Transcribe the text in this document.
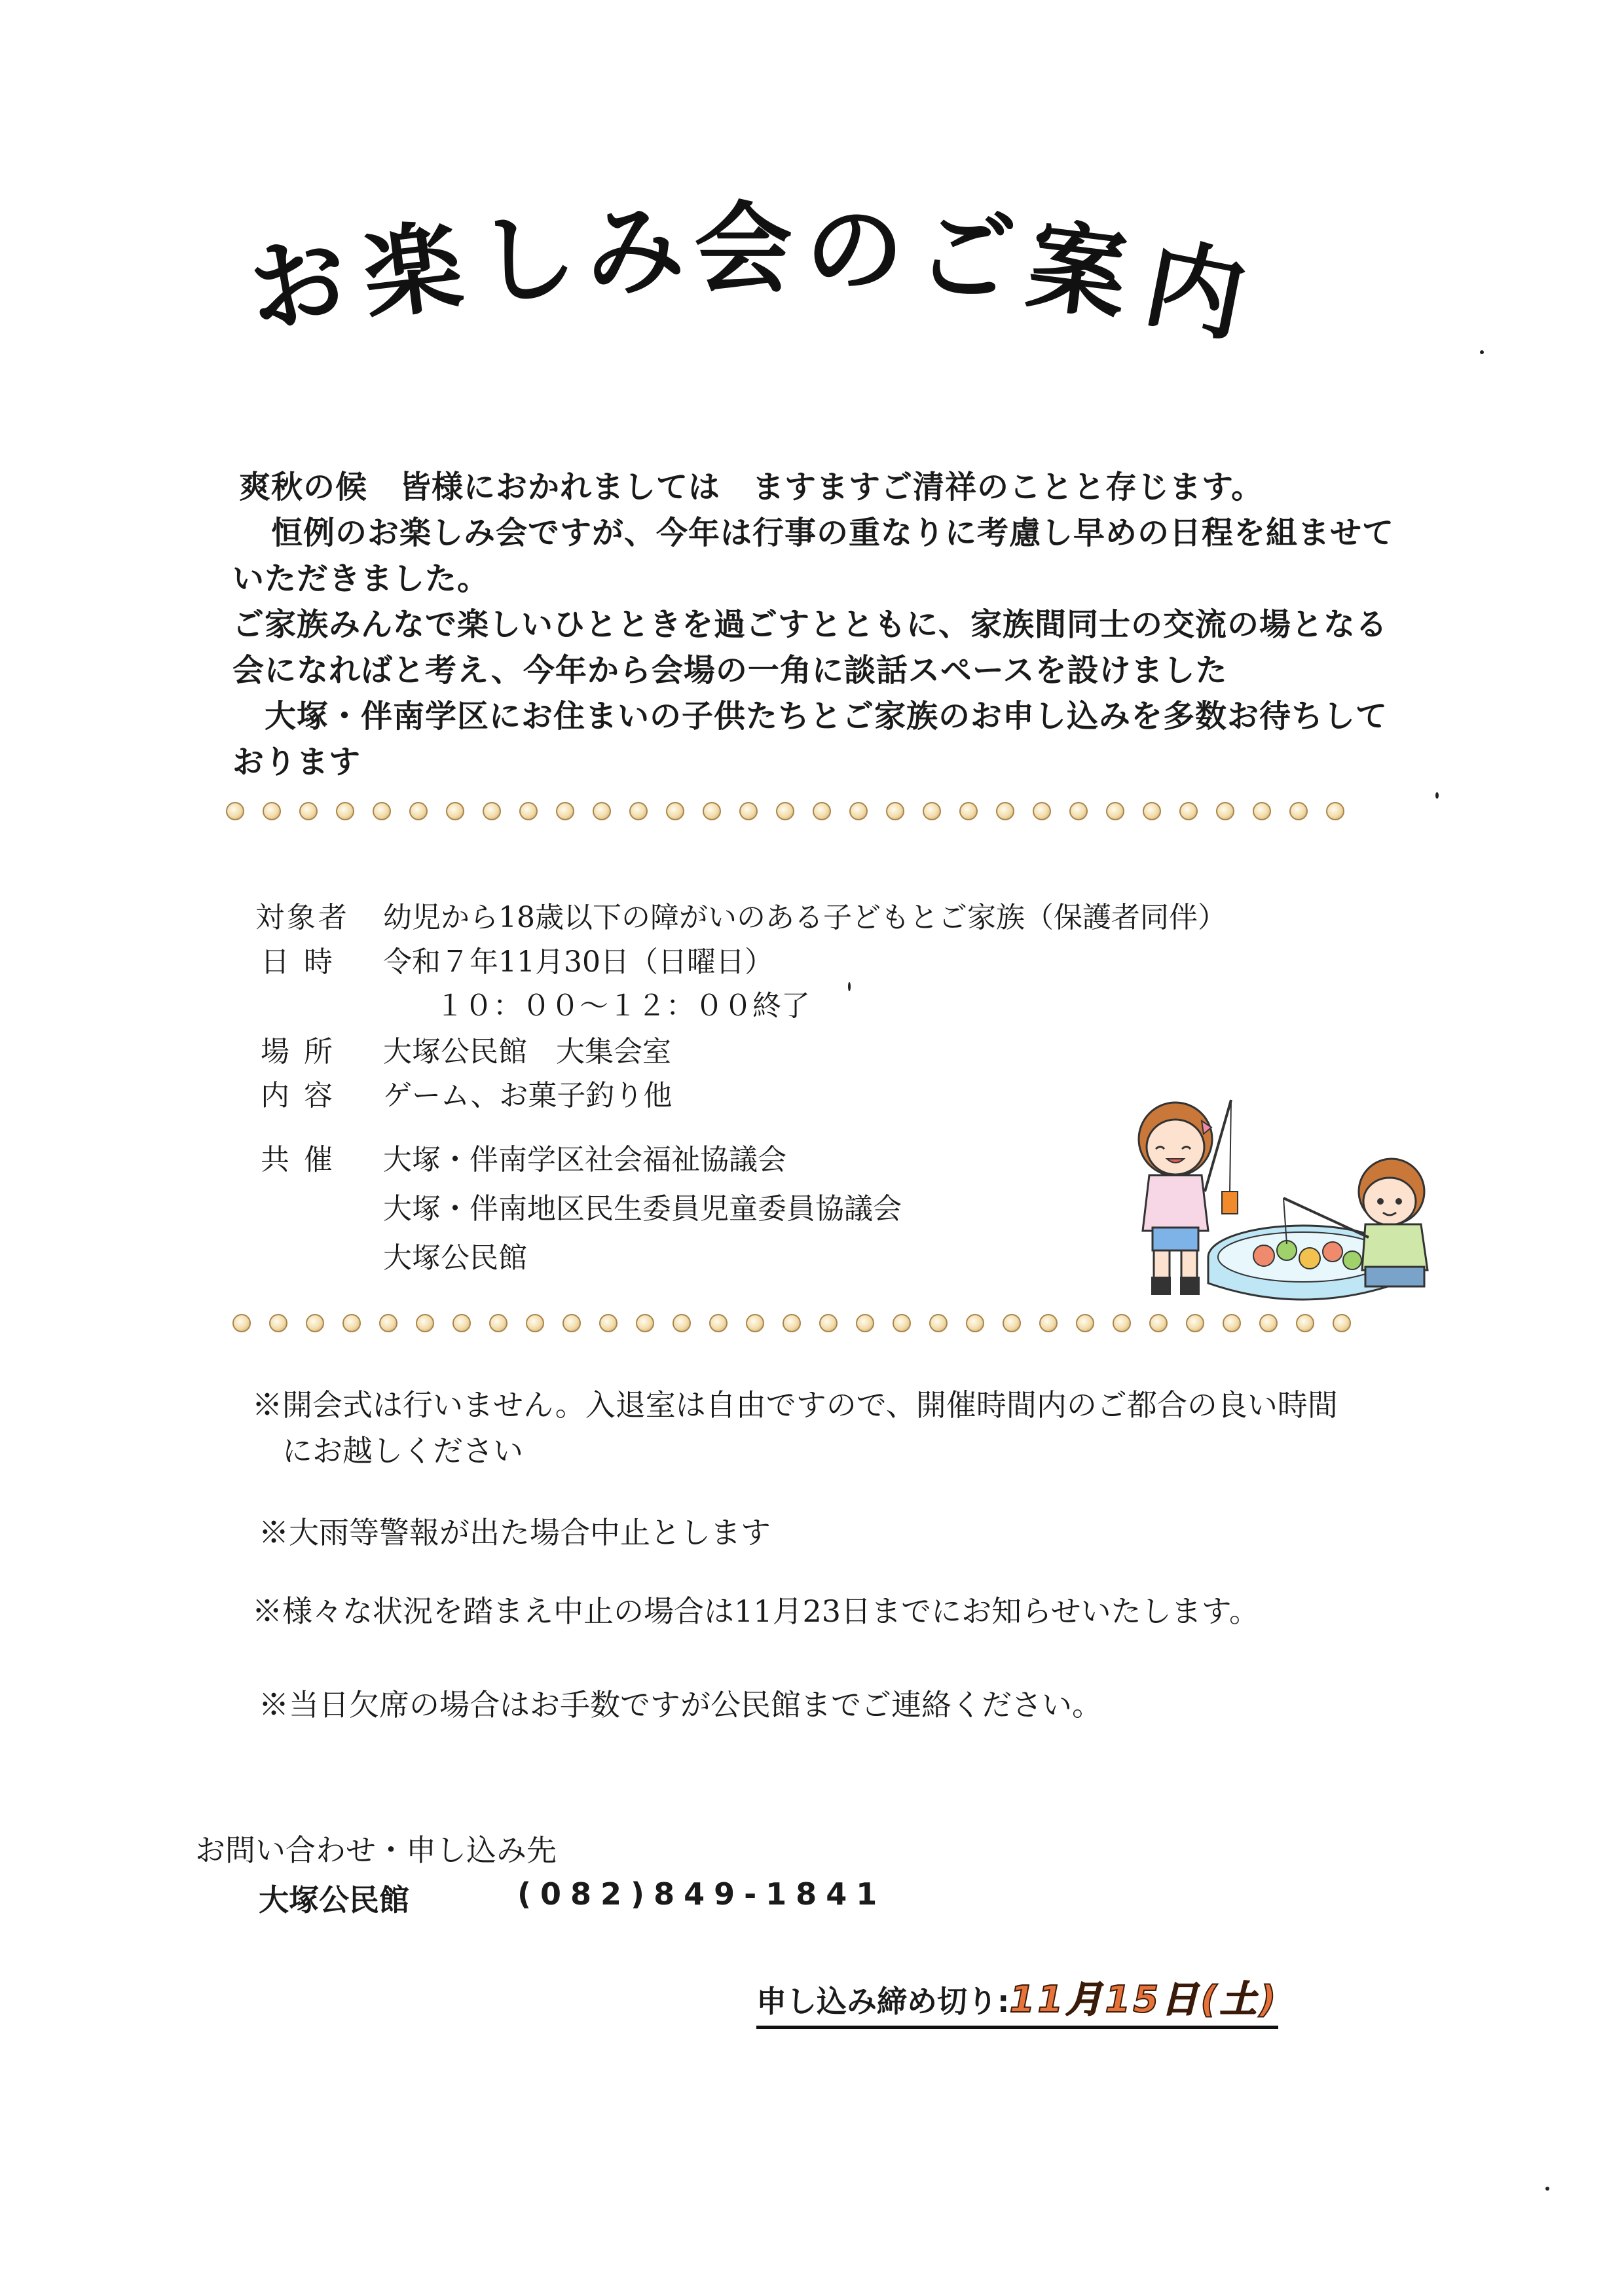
お 楽 し み 会 の ご 案 内
爽秋の候　皆様におかれましては　ますますご清祥のことと存じます。
　恒例のお楽しみ会ですが、今年は行事の重なりに考慮し早めの日程を組ませて
いただきました。
ご家族みんなで楽しいひとときを過ごすとともに、家族間同士の交流の場となる
会になればと考え、今年から会場の一角に談話スペースを設けました
　大塚・伴南学区にお住まいの子供たちとご家族のお申し込みを多数お待ちして
おります
対象者 幼児から18歳以下の障がいのある子どもとご家族（保護者同伴）
日 時 令和７年11月30日（日曜日）
１０：００～１２：００終了
場 所 大塚公民館　大集会室
内 容 ゲーム、お菓子釣り他
共 催 大塚・伴南学区社会福祉協議会
大塚・伴南地区民生委員児童委員協議会
大塚公民館
※開会式は行いません。入退室は自由ですので、開催時間内のご都合の良い時間
　にお越しください
※大雨等警報が出た場合中止とします
※様々な状況を踏まえ中止の場合は11月23日までにお知らせいたします。
※当日欠席の場合はお手数ですが公民館までご連絡ください。
お問い合わせ・申し込み先
大塚公民館	(082)849‐1841
申し込み締め切り:11月15日(土)
